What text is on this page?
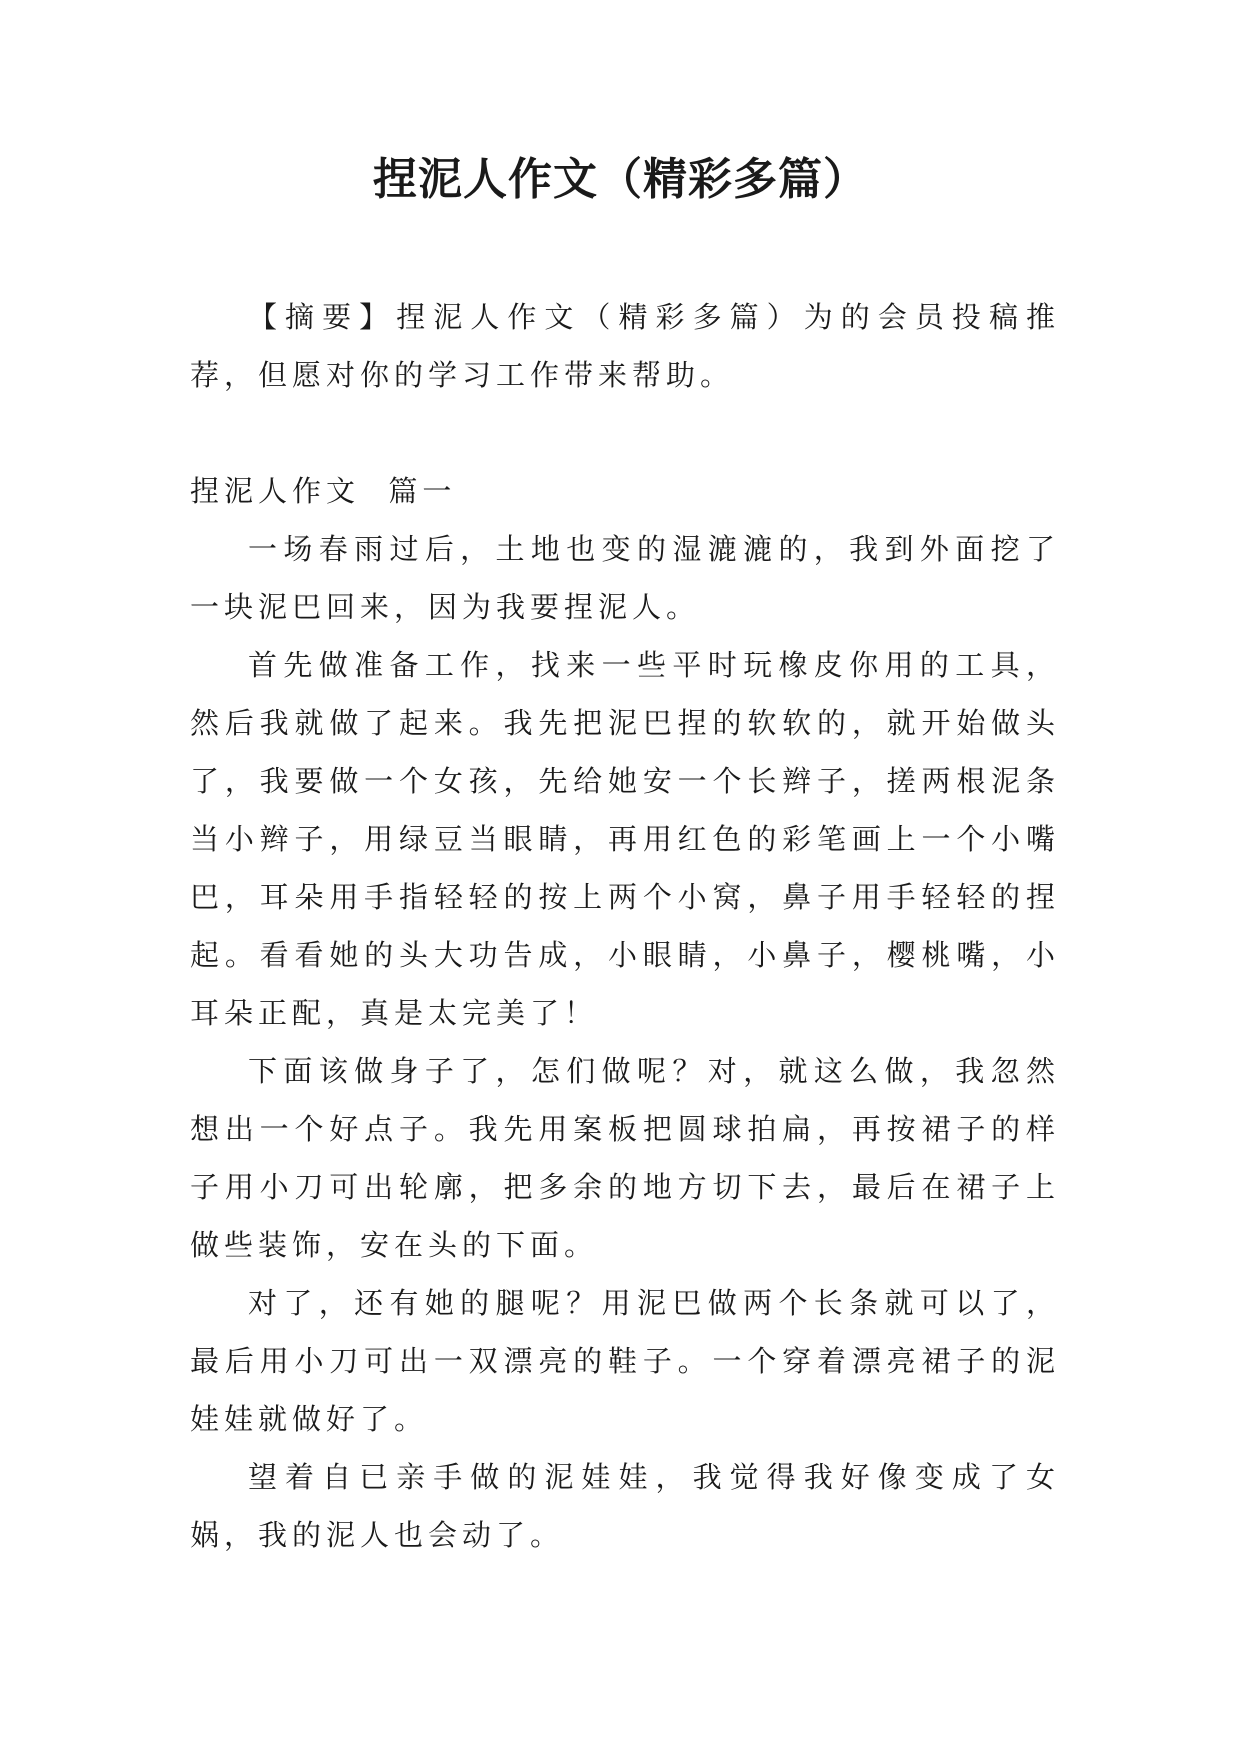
捏泥人作文（精彩多篇）

【摘要】捏泥人作文（精彩多篇）为的会员投稿推荐，但愿对你的学习工作带来帮助。

捏泥人作文  篇一

一场春雨过后，土地也变的湿漉漉的，我到外面挖了一块泥巴回来，因为我要捏泥人。

首先做准备工作，找来一些平时玩橡皮你用的工具，然后我就做了起来。我先把泥巴捏的软软的，就开始做头了，我要做一个女孩，先给她安一个长辫子，搓两根泥条当小辫子，用绿豆当眼睛，再用红色的彩笔画上一个小嘴巴，耳朵用手指轻轻的按上两个小窝，鼻子用手轻轻的捏起。看看她的头大功告成，小眼睛，小鼻子，樱桃嘴，小耳朵正配，真是太完美了！

下面该做身子了，怎们做呢？对，就这么做，我忽然想出一个好点子。我先用案板把圆球拍扁，再按裙子的样子用小刀可出轮廓，把多余的地方切下去，最后在裙子上做些装饰，安在头的下面。

对了，还有她的腿呢？用泥巴做两个长条就可以了，最后用小刀可出一双漂亮的鞋子。一个穿着漂亮裙子的泥娃娃就做好了。

望着自已亲手做的泥娃娃，我觉得我好像变成了女娲，我的泥人也会动了。
